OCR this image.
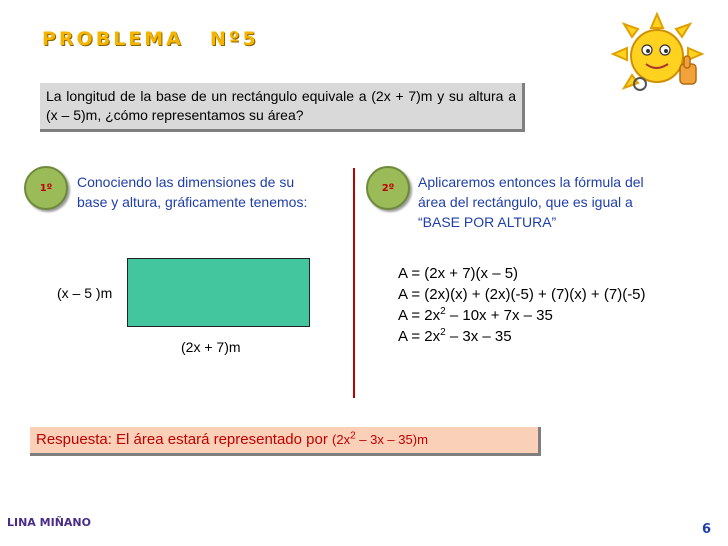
PROBLEMA Nº5
La longitud de la base de un rectángulo equivale a (2x + 7)m y su altura a (x – 5)m, ¿cómo representamos su área?
1º	Conociendo las dimensiones de su
base y altura, gráficamente tenemos:
2º	Aplicaremos entonces la fórmula del
área del rectángulo, que es igual a
“BASE POR ALTURA”
(x – 5 )m
(2x + 7)m
A = (2x + 7)(x – 5)
A = (2x)(x) + (2x)(-5) + (7)(x) + (7)(-5)
$A = 2x^2 - 10x + 7x - 35$
$A = 2x^2 - 3x - 35$
Respuesta: El área estará representado por $(2x^2 - 3x - 35)m$
LINA MIÑANO	6
